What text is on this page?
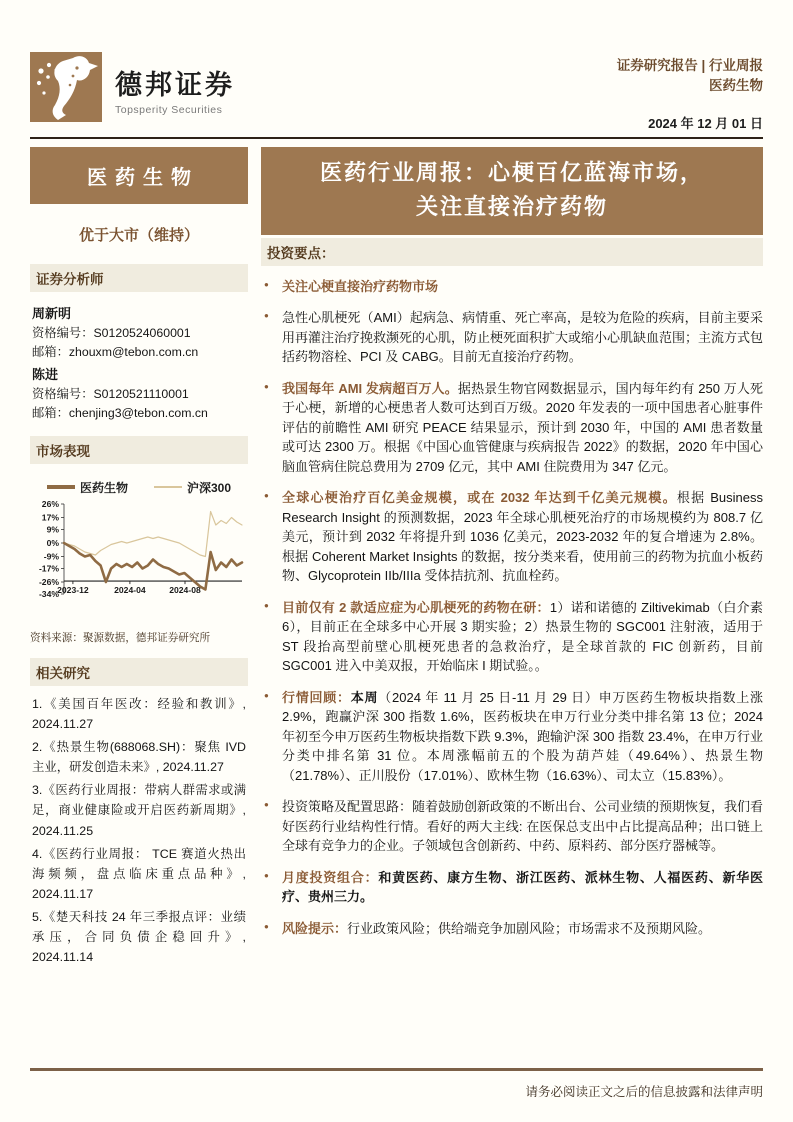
德邦证券
Topsperity Securities
证券研究报告 | 行业周报
医药生物
2024 年 12 月 01 日
医药生物
优于大市（维持）
证券分析师
周新明
资格编号：S0120524060001
邮箱：zhouxm@tebon.com.cn
陈进
资格编号：S0120521110001
邮箱：chenjing3@tebon.com.cn
市场表现
医药生物	沪深300
26%
17%
9%
0%
-9%
-17%
-26%
-34%
2023-12	2024-04	2024-08
资料来源：聚源数据，德邦证券研究所
相关研究
1.《美国百年医改：经验和教训》, 2024.11.27
2.《热景生物(688068.SH)：聚焦 IVD 主业，研发创造未来》, 2024.11.27
3.《医药行业周报：带病人群需求或满足，商业健康险或开启医药新周期》, 2024.11.25
4.《医药行业周报： TCE 赛道火热出海频频，盘点临床重点品种》, 2024.11.17
5.《楚天科技 24 年三季报点评：业绩承压，合同负债企稳回升》, 2024.11.14
医药行业周报：心梗百亿蓝海市场，
关注直接治疗药物
投资要点：
● 关注心梗直接治疗药物市场
● 急性心肌梗死（AMI）起病急、病情重、死亡率高，是较为危险的疾病，目前主要采用再灌注治疗挽救濒死的心肌，防止梗死面积扩大或缩小心肌缺血范围；主流方式包括药物溶栓、PCI 及 CABG。目前无直接治疗药物。
● 我国每年 AMI 发病超百万人。据热景生物官网数据显示，国内每年约有 250 万人死于心梗，新增的心梗患者人数可达到百万级。2020 年发表的一项中国患者心脏事件评估的前瞻性 AMI 研究 PEACE 结果显示，预计到 2030 年，中国的 AMI 患者数量或可达 2300 万。根据《中国心血管健康与疾病报告 2022》的数据，2020 年中国心脑血管病住院总费用为 2709 亿元，其中 AMI 住院费用为 347 亿元。
● 全球心梗治疗百亿美金规模，或在 2032 年达到千亿美元规模。根据 Business Research Insight 的预测数据，2023 年全球心肌梗死治疗的市场规模约为 808.7 亿美元，预计到 2032 年将提升到 1036 亿美元，2023-2032 年的复合增速为 2.8%。根据 Coherent Market Insights 的数据，按分类来看，使用前三的药物为抗血小板药物、Glycoprotein IIb/IIIa 受体拮抗剂、抗血栓药。
● 目前仅有 2 款适应症为心肌梗死的药物在研：1）诺和诺德的 Ziltivekimab（白介素 6），目前正在全球多中心开展 3 期实验；2）热景生物的 SGC001 注射液，适用于 ST 段抬高型前壁心肌梗死患者的急救治疗，是全球首款的 FIC 创新药，目前 SGC001 进入中美双报，开始临床 I 期试验。。
● 行情回顾：本周（2024 年 11 月 25 日-11 月 29 日）申万医药生物板块指数上涨 2.9%，跑赢沪深 300 指数 1.6%，医药板块在申万行业分类中排名第 13 位；2024 年初至今申万医药生物板块指数下跌 9.3%，跑输沪深 300 指数 23.4%，在申万行业分类中排名第 31 位。本周涨幅前五的个股为葫芦娃（49.64%）、热景生物（21.78%）、正川股份（17.01%）、欧林生物（16.63%）、司太立（15.83%）。
● 投资策略及配置思路：随着鼓励创新政策的不断出台、公司业绩的预期恢复，我们看好医药行业结构性行情。看好的两大主线: 在医保总支出中占比提高品种；出口链上全球有竞争力的企业。子领域包含创新药、中药、原料药、部分医疗器械等。
● 月度投资组合：和黄医药、康方生物、浙江医药、派林生物、人福医药、新华医疗、贵州三力。
● 风险提示：行业政策风险；供给端竞争加剧风险；市场需求不及预期风险。
请务必阅读正文之后的信息披露和法律声明
